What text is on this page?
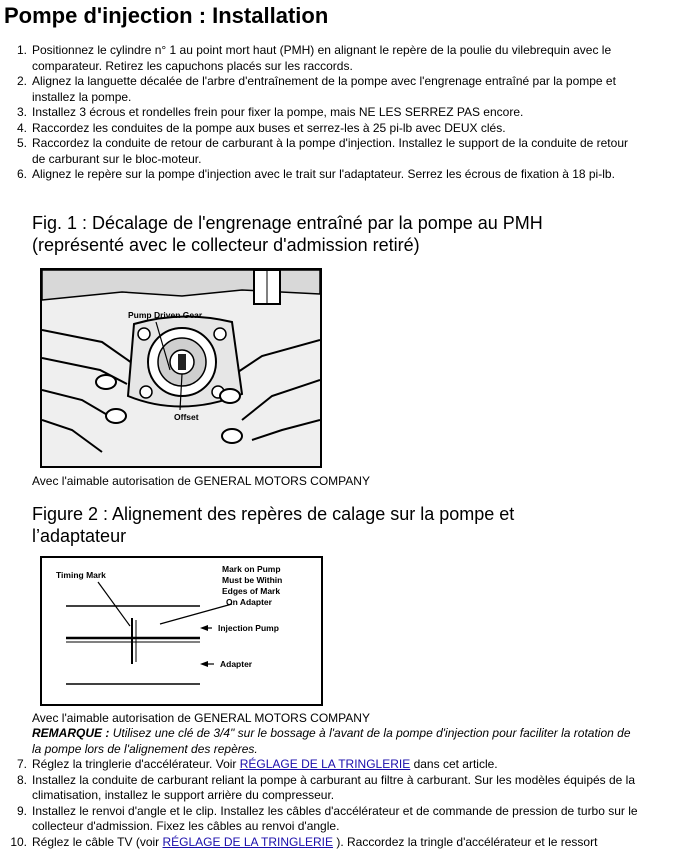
Pompe d'injection : Installation
1. Positionnez le cylindre n° 1 au point mort haut (PMH) en alignant le repère de la poulie du vilebrequin avec le comparateur. Retirez les capuchons placés sur les raccords.
2. Alignez la languette décalée de l'arbre d'entraînement de la pompe avec l'engrenage entraîné par la pompe et installez la pompe.
3. Installez 3 écrous et rondelles frein pour fixer la pompe, mais NE LES SERREZ PAS encore.
4. Raccordez les conduites de la pompe aux buses et serrez-les à 25 pi-lb avec DEUX clés.
5. Raccordez la conduite de retour de carburant à la pompe d'injection. Installez le support de la conduite de retour de carburant sur le bloc-moteur.
6. Alignez le repère sur la pompe d'injection avec le trait sur l'adaptateur. Serrez les écrous de fixation à 18 pi-lb.
Fig. 1 : Décalage de l'engrenage entraîné par la pompe au PMH (représenté avec le collecteur d'admission retiré)
Pump Driven Gear
Offset
Avec l'aimable autorisation de GENERAL MOTORS COMPANY
Figure 2 : Alignement des repères de calage sur la pompe et l’adaptateur
Timing Mark
Mark on Pump
Must be Within
Edges of Mark
On Adapter
Injection Pump
Adapter
Avec l'aimable autorisation de GENERAL MOTORS COMPANY
REMARQUE : Utilisez une clé de 3/4" sur le bossage à l'avant de la pompe d'injection pour faciliter la rotation de la pompe lors de l'alignement des repères.
7. Réglez la tringlerie d'accélérateur. Voir RÉGLAGE DE LA TRINGLERIE dans cet article.
8. Installez la conduite de carburant reliant la pompe à carburant au filtre à carburant. Sur les modèles équipés de la climatisation, installez le support arrière du compresseur.
9. Installez le renvoi d'angle et le clip. Installez les câbles d'accélérateur et de commande de pression de turbo sur le collecteur d'admission. Fixez les câbles au renvoi d'angle.
10. Réglez le câble TV (voir RÉGLAGE DE LA TRINGLERIE ). Raccordez la tringle d'accélérateur et le ressort
